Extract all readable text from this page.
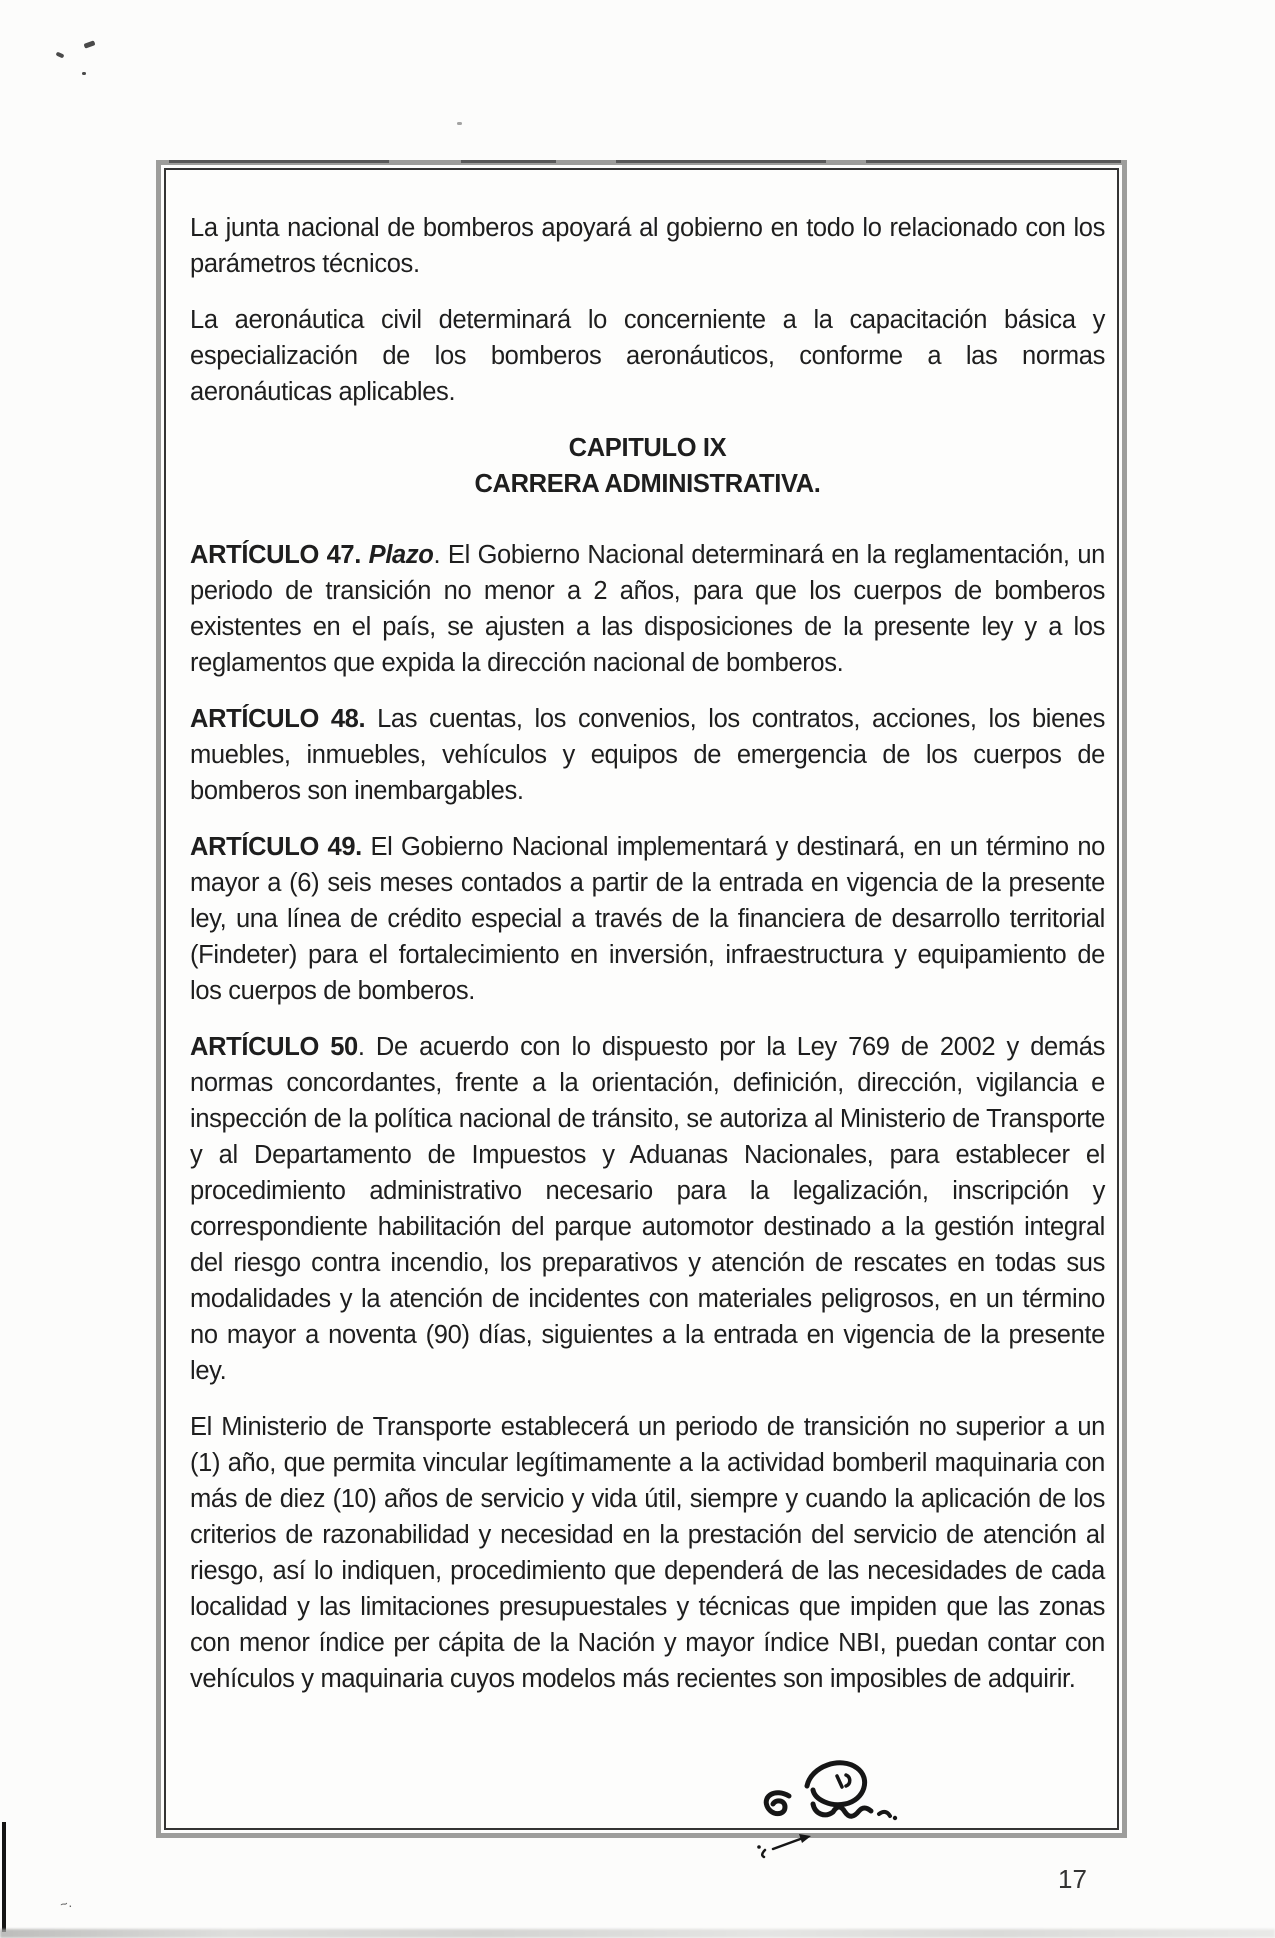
La junta nacional de bomberos apoyará al gobierno en todo lo relacionado con los parámetros técnicos.

La aeronáutica civil determinará lo concerniente a la capacitación básica y especialización de los bomberos aeronáuticos, conforme a las normas aeronáuticas aplicables.

CAPITULO IX
CARRERA ADMINISTRATIVA.

ARTÍCULO 47. Plazo. El Gobierno Nacional determinará en la reglamentación, un periodo de transición no menor a 2 años, para que los cuerpos de bomberos existentes en el país, se ajusten a las disposiciones de la presente ley y a los reglamentos que expida la dirección nacional de bomberos.

ARTÍCULO 48. Las cuentas, los convenios, los contratos, acciones, los bienes muebles, inmuebles, vehículos y equipos de emergencia de los cuerpos de bomberos son inembargables.

ARTÍCULO 49. El Gobierno Nacional implementará y destinará, en un término no mayor a (6) seis meses contados a partir de la entrada en vigencia de la presente ley, una línea de crédito especial a través de la financiera de desarrollo territorial (Findeter) para el fortalecimiento en inversión, infraestructura y equipamiento de los cuerpos de bomberos.

ARTÍCULO 50. De acuerdo con lo dispuesto por la Ley 769 de 2002 y demás normas concordantes, frente a la orientación, definición, dirección, vigilancia e inspección de la política nacional de tránsito, se autoriza al Ministerio de Transporte y al Departamento de Impuestos y Aduanas Nacionales, para establecer el procedimiento administrativo necesario para la legalización, inscripción y correspondiente habilitación del parque automotor destinado a la gestión integral del riesgo contra incendio, los preparativos y atención de rescates en todas sus modalidades y la atención de incidentes con materiales peligrosos, en un término no mayor a noventa (90) días, siguientes a la entrada en vigencia de la presente ley.

El Ministerio de Transporte establecerá un periodo de transición no superior a un (1) año, que permita vincular legítimamente a la actividad bomberil maquinaria con más de diez (10) años de servicio y vida útil, siempre y cuando la aplicación de los criterios de razonabilidad y necesidad en la prestación del servicio de atención al riesgo, así lo indiquen, procedimiento que dependerá de las necesidades de cada localidad y las limitaciones presupuestales y técnicas que impiden que las zonas con menor índice per cápita de la Nación y mayor índice NBI, puedan contar con vehículos y maquinaria cuyos modelos más recientes son imposibles de adquirir.

~.
17
